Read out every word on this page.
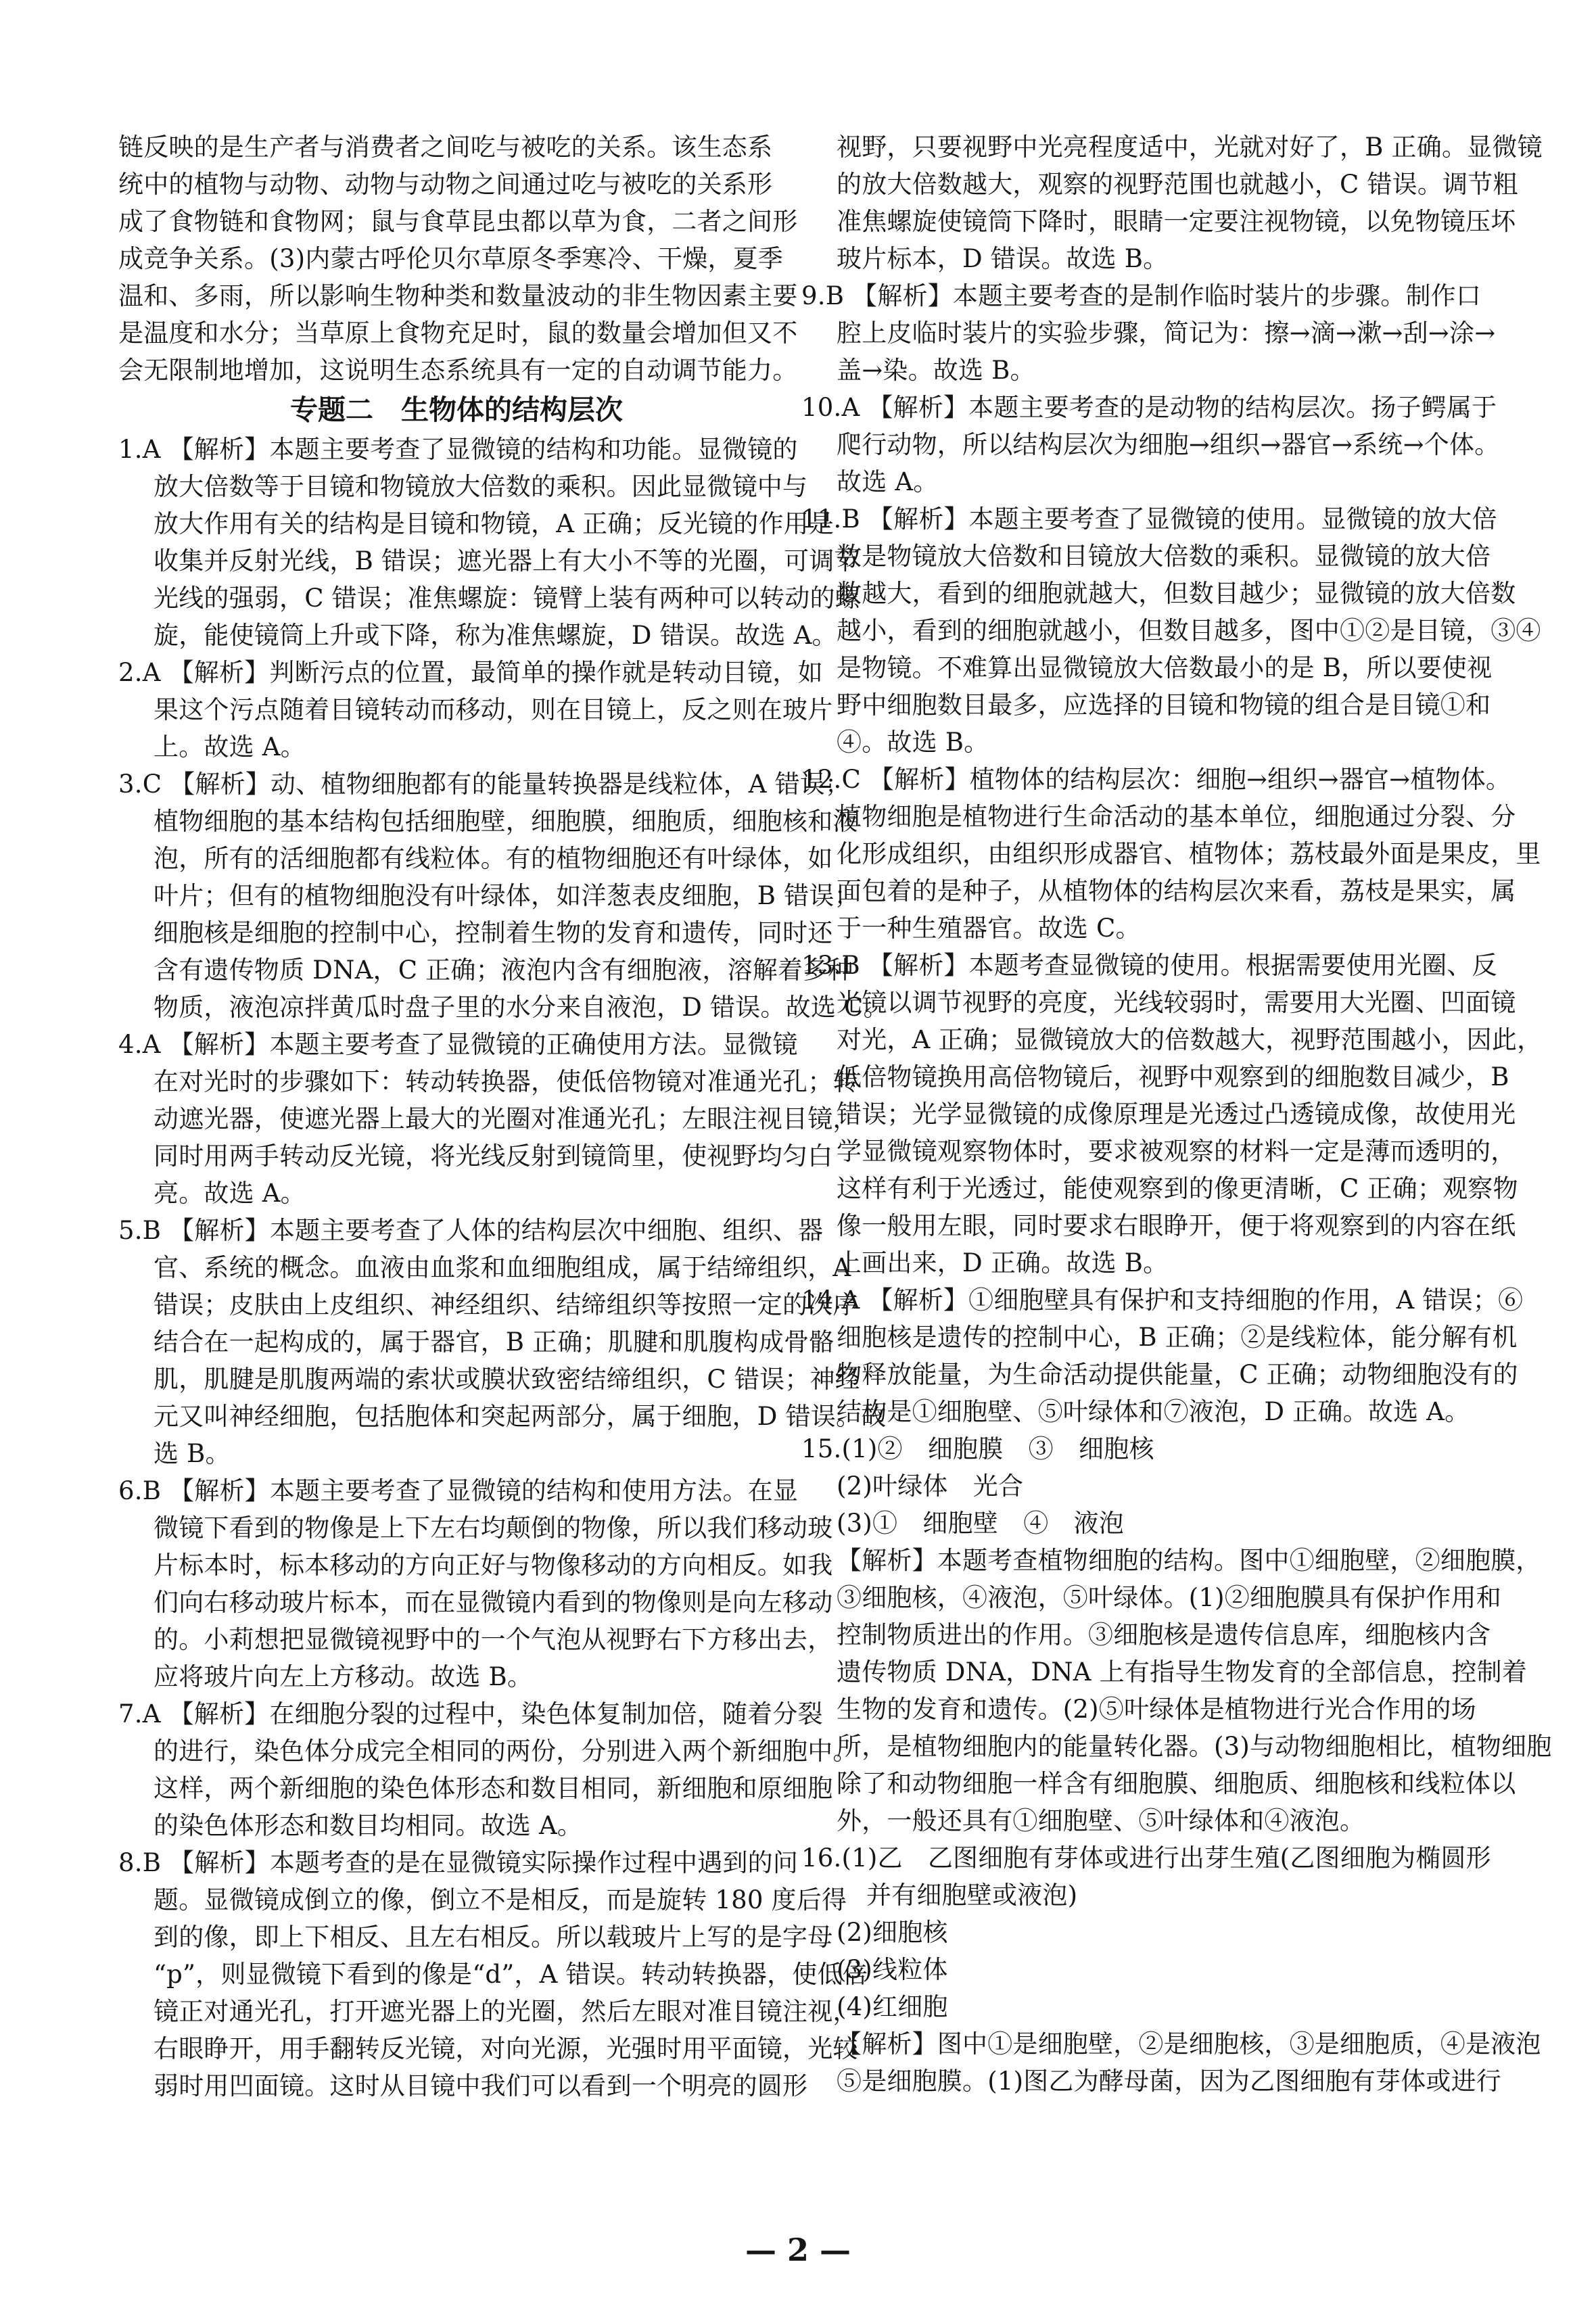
链反映的是生产者与消费者之间吃与被吃的关系。该生态系
统中的植物与动物、动物与动物之间通过吃与被吃的关系形
成了食物链和食物网；鼠与食草昆虫都以草为食，二者之间形
成竞争关系。(3)内蒙古呼伦贝尔草原冬季寒冷、干燥，夏季
温和、多雨，所以影响生物种类和数量波动的非生物因素主要
是温度和水分；当草原上食物充足时，鼠的数量会增加但又不
会无限制地增加，这说明生态系统具有一定的自动调节能力。
专题二　生物体的结构层次
1.A 【解析】本题主要考查了显微镜的结构和功能。显微镜的
放大倍数等于目镜和物镜放大倍数的乘积。因此显微镜中与
放大作用有关的结构是目镜和物镜，A 正确；反光镜的作用是
收集并反射光线，B 错误；遮光器上有大小不等的光圈，可调节
光线的强弱，C 错误；准焦螺旋：镜臂上装有两种可以转动的螺
旋，能使镜筒上升或下降，称为准焦螺旋，D 错误。故选 A。
2.A 【解析】判断污点的位置，最简单的操作就是转动目镜，如
果这个污点随着目镜转动而移动，则在目镜上，反之则在玻片
上。故选 A。
3.C 【解析】动、植物细胞都有的能量转换器是线粒体，A 错误；
植物细胞的基本结构包括细胞壁，细胞膜，细胞质，细胞核和液
泡，所有的活细胞都有线粒体。有的植物细胞还有叶绿体，如
叶片；但有的植物细胞没有叶绿体，如洋葱表皮细胞，B 错误；
细胞核是细胞的控制中心，控制着生物的发育和遗传，同时还
含有遗传物质 DNA，C 正确；液泡内含有细胞液，溶解着多种
物质，液泡凉拌黄瓜时盘子里的水分来自液泡，D 错误。故选 C。
4.A 【解析】本题主要考查了显微镜的正确使用方法。显微镜
在对光时的步骤如下：转动转换器，使低倍物镜对准通光孔；转
动遮光器，使遮光器上最大的光圈对准通光孔；左眼注视目镜，
同时用两手转动反光镜，将光线反射到镜筒里，使视野均匀白
亮。故选 A。
5.B 【解析】本题主要考查了人体的结构层次中细胞、组织、器
官、系统的概念。血液由血浆和血细胞组成，属于结缔组织，A
错误；皮肤由上皮组织、神经组织、结缔组织等按照一定的次序
结合在一起构成的，属于器官，B 正确；肌腱和肌腹构成骨骼
肌，肌腱是肌腹两端的索状或膜状致密结缔组织，C 错误；神经
元又叫神经细胞，包括胞体和突起两部分，属于细胞，D 错误。故
选 B。
6.B 【解析】本题主要考查了显微镜的结构和使用方法。在显
微镜下看到的物像是上下左右均颠倒的物像，所以我们移动玻
片标本时，标本移动的方向正好与物像移动的方向相反。如我
们向右移动玻片标本，而在显微镜内看到的物像则是向左移动
的。小莉想把显微镜视野中的一个气泡从视野右下方移出去，
应将玻片向左上方移动。故选 B。
7.A 【解析】在细胞分裂的过程中，染色体复制加倍，随着分裂
的进行，染色体分成完全相同的两份，分别进入两个新细胞中。
这样，两个新细胞的染色体形态和数目相同，新细胞和原细胞
的染色体形态和数目均相同。故选 A。
8.B 【解析】本题考查的是在显微镜实际操作过程中遇到的问
题。显微镜成倒立的像，倒立不是相反，而是旋转 180 度后得
到的像，即上下相反、且左右相反。所以载玻片上写的是字母
“p”，则显微镜下看到的像是“d”，A 错误。转动转换器，使低倍
镜正对通光孔，打开遮光器上的光圈，然后左眼对准目镜注视，
右眼睁开，用手翻转反光镜，对向光源，光强时用平面镜，光较
弱时用凹面镜。这时从目镜中我们可以看到一个明亮的圆形
视野，只要视野中光亮程度适中，光就对好了，B 正确。显微镜
的放大倍数越大，观察的视野范围也就越小，C 错误。调节粗
准焦螺旋使镜筒下降时，眼睛一定要注视物镜，以免物镜压坏
玻片标本，D 错误。故选 B。
9.B 【解析】本题主要考查的是制作临时装片的步骤。制作口
腔上皮临时装片的实验步骤，简记为：擦→滴→漱→刮→涂→
盖→染。故选 B。
10.A 【解析】本题主要考查的是动物的结构层次。扬子鳄属于
爬行动物，所以结构层次为细胞→组织→器官→系统→个体。
故选 A。
11.B 【解析】本题主要考查了显微镜的使用。显微镜的放大倍
数是物镜放大倍数和目镜放大倍数的乘积。显微镜的放大倍
数越大，看到的细胞就越大，但数目越少；显微镜的放大倍数
越小，看到的细胞就越小，但数目越多，图中①②是目镜，③④
是物镜。不难算出显微镜放大倍数最小的是 B，所以要使视
野中细胞数目最多，应选择的目镜和物镜的组合是目镜①和
④。故选 B。
12.C 【解析】植物体的结构层次：细胞→组织→器官→植物体。
植物细胞是植物进行生命活动的基本单位，细胞通过分裂、分
化形成组织，由组织形成器官、植物体；荔枝最外面是果皮，里
面包着的是种子，从植物体的结构层次来看，荔枝是果实，属
于一种生殖器官。故选 C。
13.B 【解析】本题考查显微镜的使用。根据需要使用光圈、反
光镜以调节视野的亮度，光线较弱时，需要用大光圈、凹面镜
对光，A 正确；显微镜放大的倍数越大，视野范围越小，因此，
低倍物镜换用高倍物镜后，视野中观察到的细胞数目减少，B
错误；光学显微镜的成像原理是光透过凸透镜成像，故使用光
学显微镜观察物体时，要求被观察的材料一定是薄而透明的，
这样有利于光透过，能使观察到的像更清晰，C 正确；观察物
像一般用左眼，同时要求右眼睁开，便于将观察到的内容在纸
上画出来，D 正确。故选 B。
14.A 【解析】①细胞壁具有保护和支持细胞的作用，A 错误；⑥
细胞核是遗传的控制中心，B 正确；②是线粒体，能分解有机
物释放能量，为生命活动提供能量，C 正确；动物细胞没有的
结构是①细胞壁、⑤叶绿体和⑦液泡，D 正确。故选 A。
15.(1)②　细胞膜　③　细胞核
(2)叶绿体　光合
(3)①　细胞壁　④　液泡
【解析】本题考查植物细胞的结构。图中①细胞壁，②细胞膜，
③细胞核，④液泡，⑤叶绿体。(1)②细胞膜具有保护作用和
控制物质进出的作用。③细胞核是遗传信息库，细胞核内含
遗传物质 DNA，DNA 上有指导生物发育的全部信息，控制着
生物的发育和遗传。(2)⑤叶绿体是植物进行光合作用的场
所，是植物细胞内的能量转化器。(3)与动物细胞相比，植物细胞
除了和动物细胞一样含有细胞膜、细胞质、细胞核和线粒体以
外，一般还具有①细胞壁、⑤叶绿体和④液泡。
16.(1)乙　乙图细胞有芽体或进行出芽生殖(乙图细胞为椭圆形
并有细胞壁或液泡)
(2)细胞核
(3)线粒体
(4)红细胞
【解析】图中①是细胞壁，②是细胞核，③是细胞质，④是液泡
⑤是细胞膜。(1)图乙为酵母菌，因为乙图细胞有芽体或进行
— 2 —
